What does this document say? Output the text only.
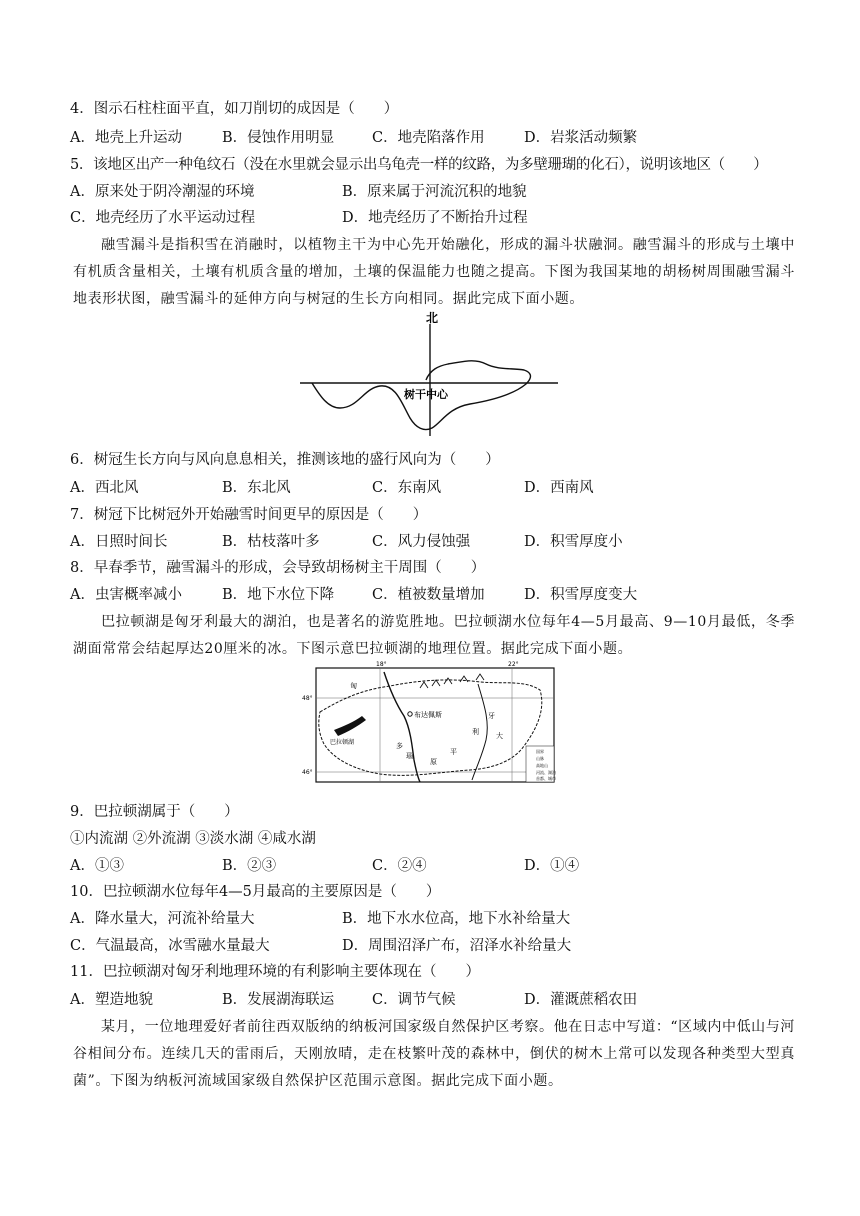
4．图示石柱柱面平直，如刀削切的成因是（　　）
A．地壳上升运动	B．侵蚀作用明显	C．地壳陷落作用	D．岩浆活动频繁
5．该地区出产一种龟纹石（没在水里就会显示出乌龟壳一样的纹路，为多壁珊瑚的化石），说明该地区（　　）
A．原来处于阴冷潮湿的环境	B．原来属于河流沉积的地貌
C．地壳经历了水平运动过程	D．地壳经历了不断抬升过程
融雪漏斗是指积雪在消融时，以植物主干为中心先开始融化，形成的漏斗状融洞。融雪漏斗的形成与土壤中有机质含量相关，土壤有机质含量的增加，土壤的保温能力也随之提高。下图为我国某地的胡杨树周围融雪漏斗地表形状图，融雪漏斗的延伸方向与树冠的生长方向相同。据此完成下面小题。
北
树干中心
6．树冠生长方向与风向息息相关，推测该地的盛行风向为（　　）
A．西北风	B．东北风	C．东南风	D．西南风
7．树冠下比树冠外开始融雪时间更早的原因是（　　）
A．日照时间长	B．枯枝落叶多	C．风力侵蚀强	D．积雪厚度小
8．早春季节，融雪漏斗的形成，会导致胡杨树主干周围（　　）
A．虫害概率减小	B．地下水位下降	C．植被数量增加	D．积雪厚度变大
巴拉顿湖是匈牙利最大的湖泊，也是著名的游览胜地。巴拉顿湖水位每年4—5月最高、9—10月最低，冬季湖面常常会结起厚达20厘米的冰。下图示意巴拉顿湖的地理位置。据此完成下面小题。
18°	22°
48°
46°
布达佩斯
巴拉顿湖
匈
牙
利 大
平
原
多
瑙
国界
山脉
高地山
河流、湖泊
首都、城市
9．巴拉顿湖属于（　　）
①内流湖 ②外流湖 ③淡水湖 ④咸水湖
A．①③	B．②③	C．②④	D．①④
10．巴拉顿湖水位每年4—5月最高的主要原因是（　　）
A．降水量大，河流补给量大	B．地下水水位高，地下水补给量大
C．气温最高，冰雪融水量最大	D．周围沼泽广布，沼泽水补给量大
11．巴拉顿湖对匈牙利地理环境的有利影响主要体现在（　　）
A．塑造地貌	B．发展湖海联运	C．调节气候	D．灌溉蔗稻农田
某月，一位地理爱好者前往西双版纳的纳板河国家级自然保护区考察。他在日志中写道：“区域内中低山与河谷相间分布。连续几天的雷雨后，天刚放晴，走在枝繁叶茂的森林中，倒伏的树木上常可以发现各种类型大型真菌”。下图为纳板河流域国家级自然保护区范围示意图。据此完成下面小题。
